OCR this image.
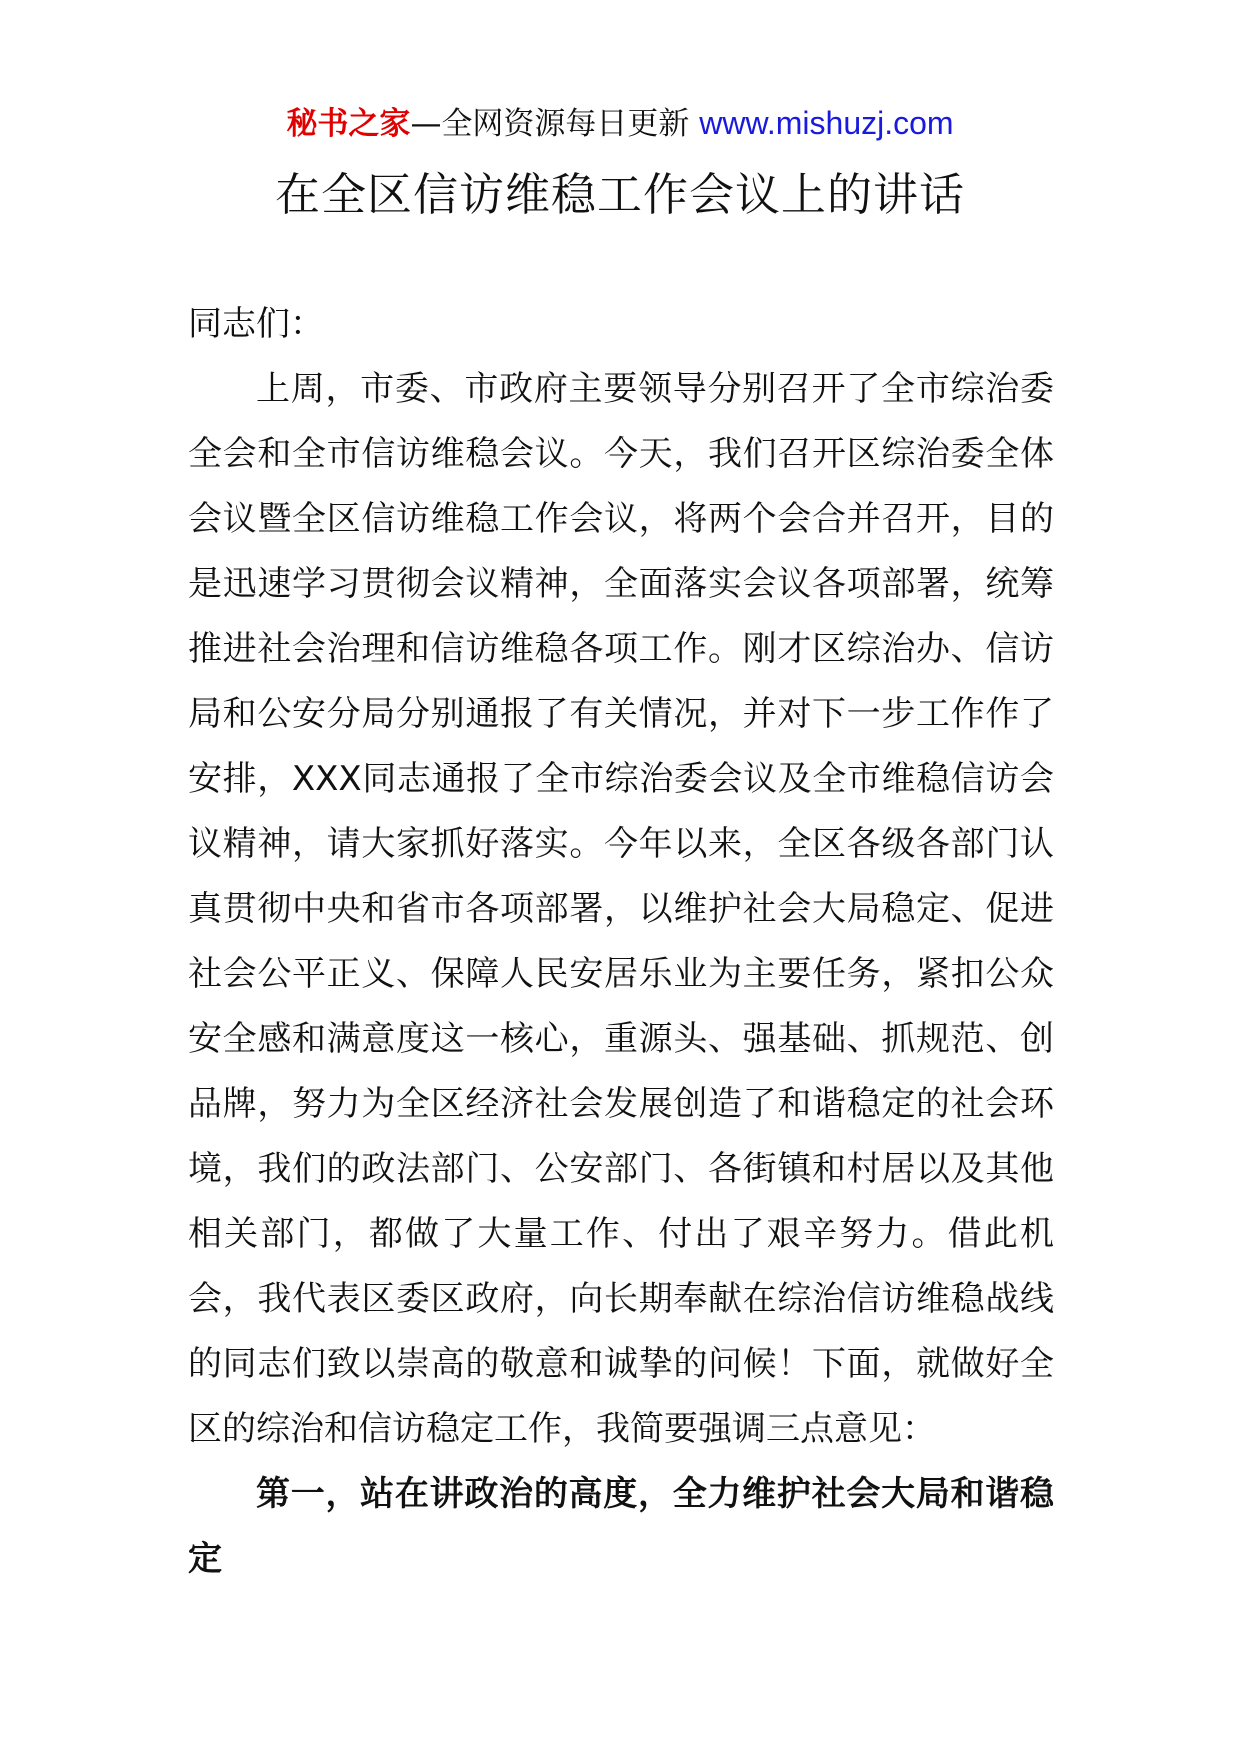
秘书之家—全网资源每日更新 www.mishuzj.com
在全区信访维稳工作会议上的讲话

同志们：

上周，市委、市政府主要领导分别召开了全市综治委全会和全市信访维稳会议。今天，我们召开区综治委全体会议暨全区信访维稳工作会议，将两个会合并召开，目的是迅速学习贯彻会议精神，全面落实会议各项部署，统筹推进社会治理和信访维稳各项工作。刚才区综治办、信访局和公安分局分别通报了有关情况，并对下一步工作作了安排，XXX同志通报了全市综治委会议及全市维稳信访会议精神，请大家抓好落实。今年以来，全区各级各部门认真贯彻中央和省市各项部署，以维护社会大局稳定、促进社会公平正义、保障人民安居乐业为主要任务，紧扣公众安全感和满意度这一核心，重源头、强基础、抓规范、创品牌，努力为全区经济社会发展创造了和谐稳定的社会环境，我们的政法部门、公安部门、各街镇和村居以及其他相关部门，都做了大量工作、付出了艰辛努力。借此机会，我代表区委区政府，向长期奉献在综治信访维稳战线的同志们致以崇高的敬意和诚挚的问候！下面，就做好全区的综治和信访稳定工作，我简要强调三点意见：

第一，站在讲政治的高度，全力维护社会大局和谐稳定
